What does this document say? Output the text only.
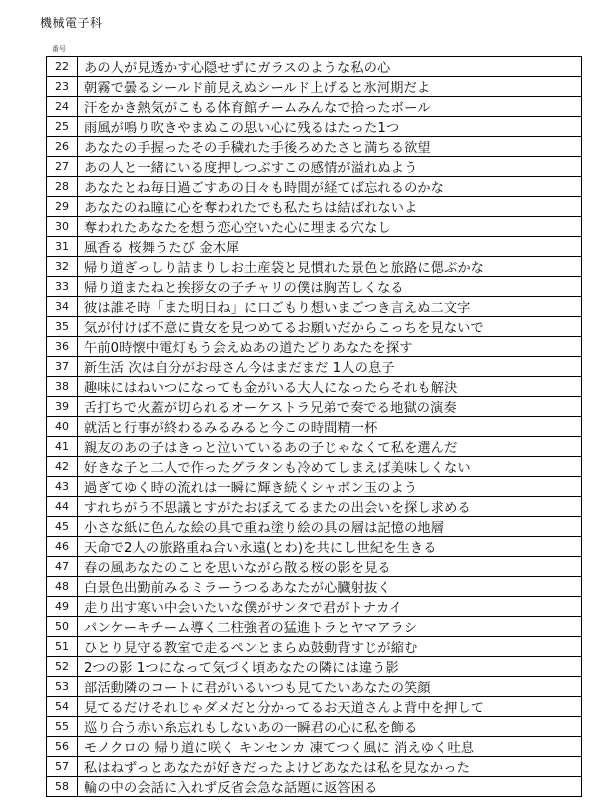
機械電子科
番号
22	あの人が見透かす心隠せずにガラスのような私の心
23	朝霧で曇るシールド前見えぬシールド上げると氷河期だよ
24	汗をかき熱気がこもる体育館チームみんなで拾ったボール
25	雨風が鳴り吹きやまぬこの思い心に残るはたった1つ
26	あなたの手握ったその手穢れた手後ろめたさと満ちる欲望
27	あの人と一緒にいる度押しつぶすこの感情が溢れぬよう
28	あなたとね毎日過ごすあの日々も時間が経てば忘れるのかな
29	あなたのね瞳に心を奪われたでも私たちは結ばれないよ
30	奪われたあなたを想う恋心空いた心に埋まる穴なし
31	風香る 桜舞うたび 金木犀
32	帰り道ぎっしり詰まりしお土産袋と見慣れた景色と旅路に偲ぶかな
33	帰り道またねと挨拶女の子チャリの僕は胸苦しくなる
34	彼は誰そ時「また明日ね」に口ごもり想いまごつき言えぬ二文字
35	気が付けば不意に貴女を見つめてるお願いだからこっちを見ないで
36	午前0時懐中電灯もう会えぬあの道たどりあなたを探す
37	新生活 次は自分がお母さん今はまだまだ 1人の息子
38	趣味にはねいつになっても金がいる大人になったらそれも解決
39	舌打ちで火蓋が切られるオーケストラ兄弟で奏でる地獄の演奏
40	就活と行事が終わるみるみると今この時間精一杯
41	親友のあの子はきっと泣いているあの子じゃなくて私を選んだ
42	好きな子と二人で作ったグラタンも冷めてしまえば美味しくない
43	過ぎてゆく時の流れは一瞬に輝き続くシャボン玉のよう
44	すれちがう不思議とすがたおぼえてるまたの出会いを探し求める
45	小さな紙に色んな絵の具で重ね塗り絵の具の層は記憶の地層
46	天命で2人の旅路重ね合い永遠(とわ)を共にし世紀を生きる
47	春の風あなたのことを思いながら散る桜の影を見る
48	白景色出勤前みるミラーうつるあなたが心臓射抜く
49	走り出す寒い中会いたいな僕がサンタで君がトナカイ
50	パンケーキチーム導く二柱強者の猛進トラとヤマアラシ
51	ひとり見守る教室で走るペンとまらぬ鼓動背すじが縮む
52	2つの影 1つになって気づく頃あなたの隣には違う影
53	部活動隣のコートに君がいるいつも見てたいあなたの笑顔
54	見てるだけそれじゃダメだと分かってるお天道さんよ背中を押して
55	巡り合う赤い糸忘れもしないあの一瞬君の心に私を飾る
56	モノクロの 帰り道に咲く キンセンカ 凍てつく風に 消えゆく吐息
57	私はねずっとあなたが好きだったよけどあなたは私を見なかった
58	輪の中の会話に入れず反省会急な話題に返答困る
